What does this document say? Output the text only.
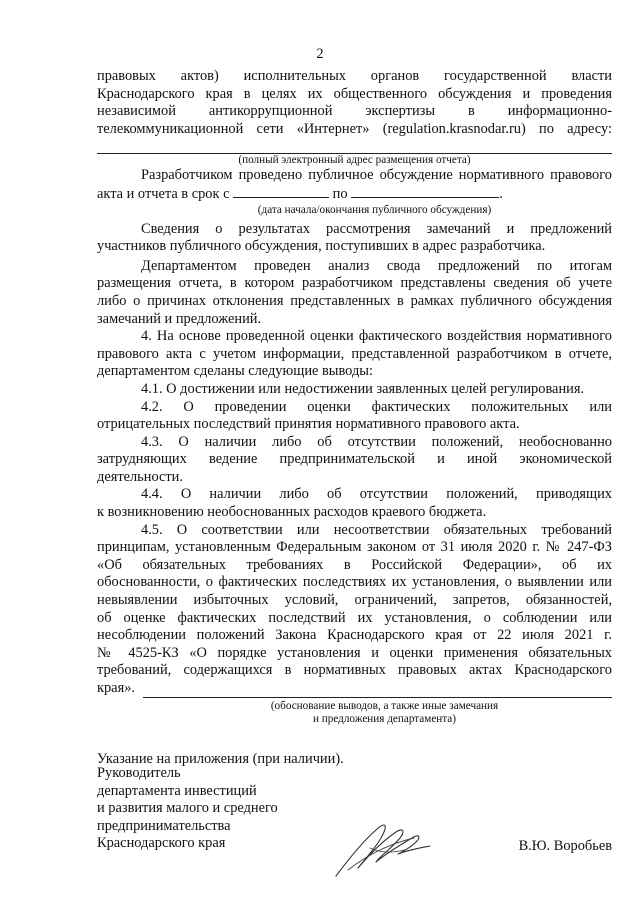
2

правовых актов) исполнительных органов государственной власти

Краснодарского края в целях их общественного обсуждения и проведения

независимой антикоррупционной экспертизы в информационно-

телекоммуникационной сети «Интернет» (regulation.krasnodar.ru) по адресу:

(полный электронный адрес размещения отчета)

Разработчиком проведено публичное обсуждение нормативного правового

акта и отчета в срок с	по	.

(дата начала/окончания публичного обсуждения)

Сведения о результатах рассмотрения замечаний и предложений

участников публичного обсуждения, поступивших в адрес разработчика.

Департаментом проведен анализ свода предложений по итогам

размещения отчета, в котором разработчиком представлены сведения об учете

либо о причинах отклонения представленных в рамках публичного обсуждения

замечаний и предложений.

4. На основе проведенной оценки фактического воздействия нормативного

правового акта с учетом информации, представленной разработчиком в отчете,

департаментом сделаны следующие выводы:

4.1. О достижении или недостижении заявленных целей регулирования.

4.2. О проведении оценки фактических положительных или

отрицательных последствий принятия нормативного правового акта.

4.3. О наличии либо об отсутствии положений, необоснованно

затрудняющих ведение предпринимательской и иной экономической

деятельности.

4.4. О наличии либо об отсутствии положений, приводящих

к возникновению необоснованных расходов краевого бюджета.

4.5. О соответствии или несоответствии обязательных требований

принципам, установленным Федеральным законом от 31 июля 2020 г. № 247-ФЗ

«Об обязательных требованиях в Российской Федерации», об их

обоснованности, о фактических последствиях их установления, о выявлении или

невыявлении избыточных условий, ограничений, запретов, обязанностей,

об оценке фактических последствий их установления, о соблюдении или

несоблюдении положений Закона Краснодарского края от 22 июля 2021 г.

№ 4525-КЗ «О порядке установления и оценки применения обязательных

требований, содержащихся в нормативных правовых актах Краснодарского

края».

(обоснование выводов, а также иные замечания

и предложения департамента)

Указание на приложения (при наличии).

Руководитель

департамента инвестиций

и развития малого и среднего

предпринимательства

Краснодарского края	В.Ю. Воробьев
